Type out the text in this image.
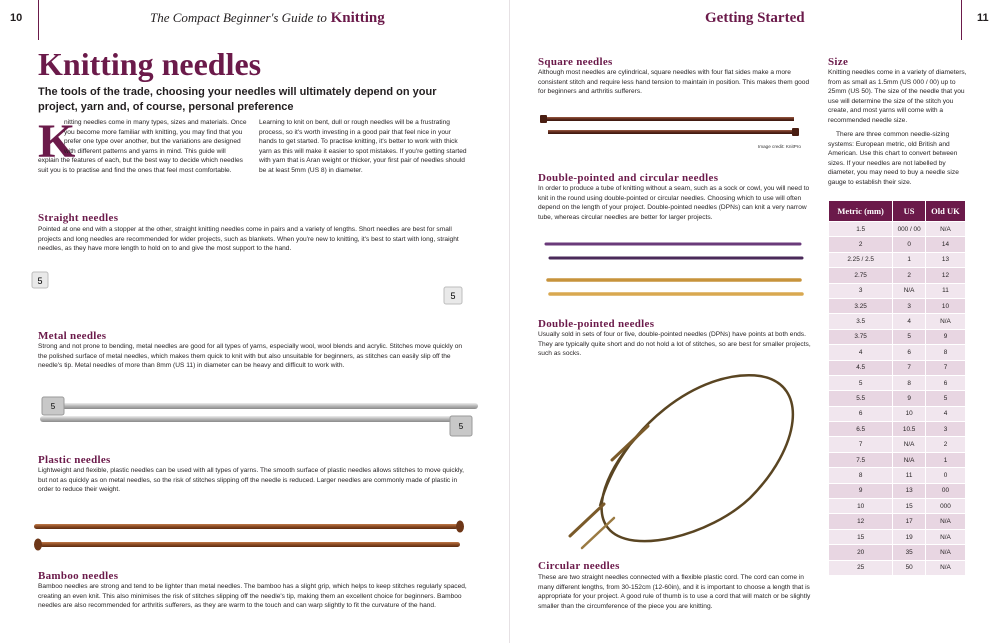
10	The Compact Beginner's Guide to Knitting
Knitting needles
The tools of the trade, choosing your needles will ultimately depend on your project, yarn and, of course, personal preference
K

nitting needles come in many types, sizes and materials. Once you become more familiar with knitting, you may find that you prefer one type over another, but the variations are designed with different patterns and yarns in mind. This guide will explain the features of each, but the best way to decide which needles suit you is to practise and find the ones that feel most comfortable.

Learning to knit on bent, dull or rough needles will be a frustrating process, so it's worth investing in a good pair that feel nice in your hands to get started. To practise knitting, it's better to work with thick yarn as this will make it easier to spot mistakes. If you're getting started with yarn that is Aran weight or thicker, your first pair of needles should be at least 5mm (US 8) in diameter.

Straight needles
Pointed at one end with a stopper at the other, straight knitting needles come in pairs and a variety of lengths. Short needles are best for small projects and long needles are recommended for wider projects, such as blankets. When you're new to knitting, it's best to start with long, straight needles, as they have more length to hold on to and give the most support to the hand.
5
5
Metal needles
Strong and not prone to bending, metal needles are good for all types of yarns, especially wool, wool blends and acrylic. Stitches move quickly on the polished surface of metal needles, which makes them quick to knit with but also unsuitable for beginners, as stitches can easily slip off the needle's tip. Metal needles of more than 8mm (US 11) in diameter can be heavy and difficult to work with.
5
5
Plastic needles
Lightweight and flexible, plastic needles can be used with all types of yarns. The smooth surface of plastic needles allows stitches to move quickly, but not as quickly as on metal needles, so the risk of stitches slipping off the needle is reduced. Larger needles are commonly made of plastic in order to reduce their weight.
Bamboo needles
Bamboo needles are strong and tend to be lighter than metal needles. The bamboo has a slight grip, which helps to keep stitches regularly spaced, creating an even knit. This also minimises the risk of stitches slipping off the needle's tip, making them an excellent choice for beginners. Bamboo needles are also recommended for arthritis sufferers, as they are warm to the touch and can warp slightly to fit the curvature of the hand.
Getting Started	11
Square needles
Although most needles are cylindrical, square needles with four flat sides make a more consistent stitch and require less hand tension to maintain in position. This makes them good for beginners and arthritis sufferers.
Image credit: KnitPro
Double-pointed and circular needles
In order to produce a tube of knitting without a seam, such as a sock or cowl, you will need to knit in the round using double-pointed or circular needles. Choosing which to use will often depend on the length of your project. Double-pointed needles (DPNs) can knit a very narrow tube, whereas circular needles are better for larger projects.
Double-pointed needles
Usually sold in sets of four or five, double-pointed needles (DPNs) have points at both ends. They are typically quite short and do not hold a lot of stitches, so are best for smaller projects, such as socks.
Circular needles
These are two straight needles connected with a flexible plastic cord. The cord can come in many different lengths, from 30-152cm (12-60in), and it is important to choose a length that is appropriate for your project. A good rule of thumb is to use a cord that will match or be slightly smaller than the circumference of the piece you are knitting.
Size
Knitting needles come in a variety of diameters, from as small as 1.5mm (US 000 / 00) up to 25mm (US 50). The size of the needle that you use will determine the size of the stitch you create, and most yarns will come with a recommended needle size.
There are three common needle-sizing systems: European metric, old British and American. Use this chart to convert between sizes. If your needles are not labelled by diameter, you may need to buy a needle size gauge to establish their size.
Metric (mm)	US	Old UK
1.5	000 / 00	N/A
2	0	14
2.25 / 2.5	1	13
2.75	2	12
3	N/A	11
3.25	3	10
3.5	4	N/A
3.75	5	9
4	6	8
4.5	7	7
5	8	6
5.5	9	5
6	10	4
6.5	10.5	3
7	N/A	2
7.5	N/A	1
8	11	0
9	13	00
10	15	000
12	17	N/A
15	19	N/A
20	35	N/A
25	50	N/A
